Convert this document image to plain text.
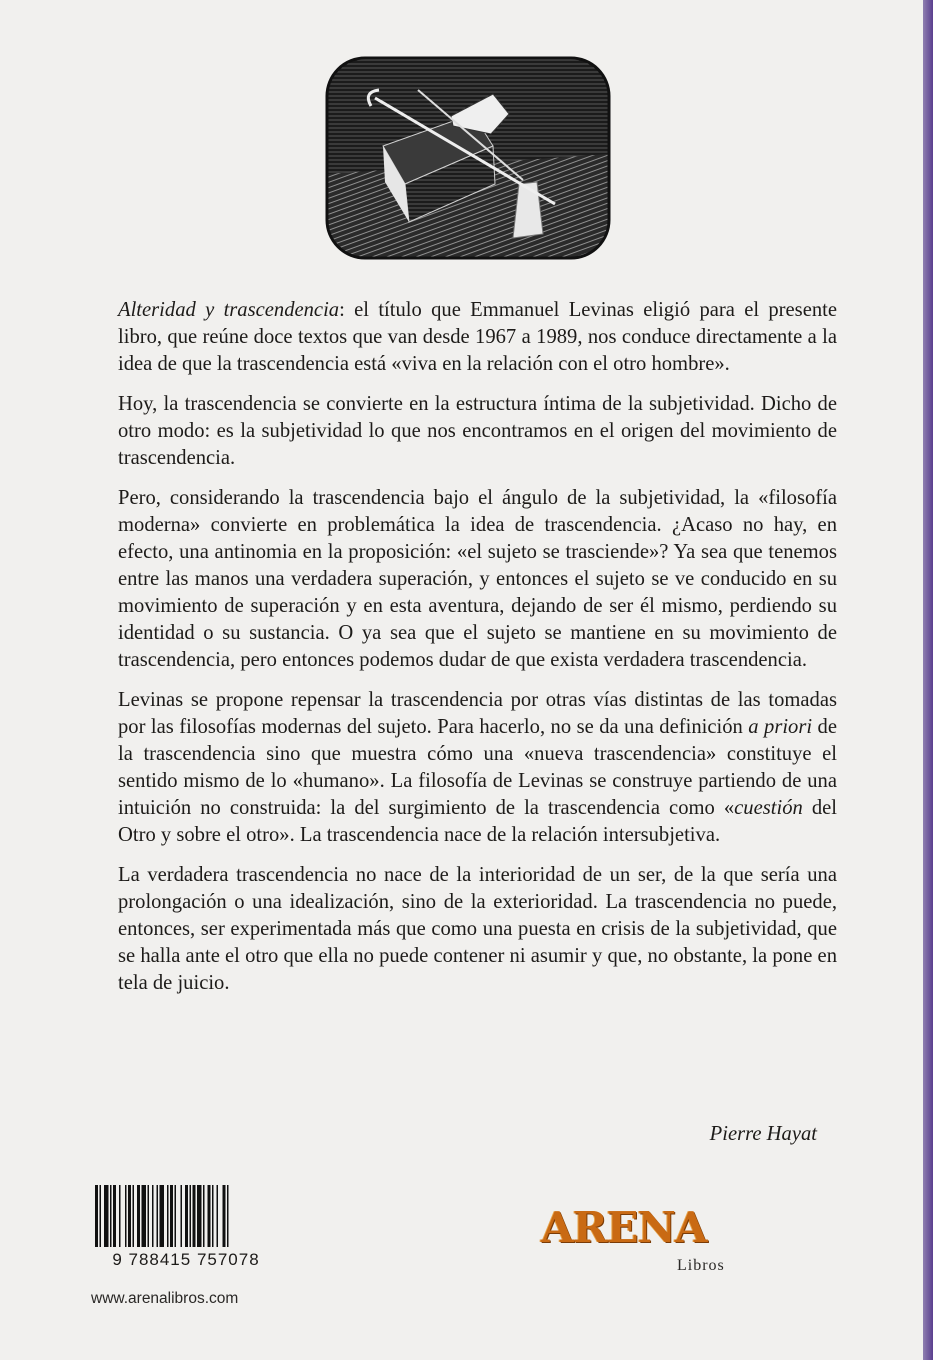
Alteridad y trascendencia: el título que Emmanuel Levinas eligió para el presente libro, que reúne doce textos que van desde 1967 a 1989, nos conduce directamente a la idea de que la trascendencia está «viva en la relación con el otro hombre».

Hoy, la trascendencia se convierte en la estructura íntima de la subjetividad. Dicho de otro modo: es la subjetividad lo que nos encontramos en el origen del movimiento de trascendencia.

Pero, considerando la trascendencia bajo el ángulo de la subjetividad, la «filosofía moderna» convierte en problemática la idea de trascendencia. ¿Acaso no hay, en efecto, una antinomia en la proposición: «el sujeto se trasciende»? Ya sea que tenemos entre las manos una verdadera superación, y entonces el sujeto se ve conducido en su movimiento de superación y en esta aventura, dejando de ser él mismo, perdiendo su identidad o su sustancia. O ya sea que el sujeto se mantiene en su movimiento de trascendencia, pero entonces podemos dudar de que exista verdadera trascendencia.

Levinas se propone repensar la trascendencia por otras vías distintas de las tomadas por las filosofías modernas del sujeto. Para hacerlo, no se da una definición a priori de la trascendencia sino que muestra cómo una «nueva trascendencia» constituye el sentido mismo de lo «humano». La filosofía de Levinas se construye partiendo de una intuición no construida: la del surgimiento de la trascendencia como «cuestión del Otro y sobre el otro». La trascendencia nace de la relación intersubjetiva.

La verdadera trascendencia no nace de la interioridad de un ser, de la que sería una prolongación o una idealización, sino de la exterioridad. La trascendencia no puede, entonces, ser experimentada más que como una puesta en crisis de la subjetividad, que se halla ante el otro que ella no puede contener ni asumir y que, no obstante, la pone en tela de juicio.

Pierre Hayat
9 788415 757078
www.arenalibros.com
ARENA
Libros
